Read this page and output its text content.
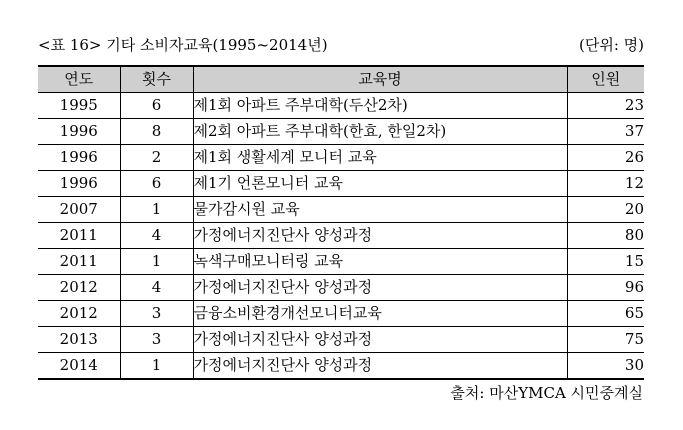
<표 16> 기타 소비자교육(1995~2014년)	(단위: 명)
연도	횟수	교육명	인원
1995	6	제1회 아파트 주부대학(두산2차)	23
1996	8	제2회 아파트 주부대학(한효, 한일2차)	37
1996	2	제1회 생활세계 모니터 교육	26
1996	6	제1기 언론모니터 교육	12
2007	1	물가감시원 교육	20
2011	4	가정에너지진단사 양성과정	80
2011	1	녹색구매모니터링 교육	15
2012	4	가정에너지진단사 양성과정	96
2012	3	금융소비환경개선모니터교육	65
2013	3	가정에너지진단사 양성과정	75
2014	1	가정에너지진단사 양성과정	30
출처: 마산YMCA 시민중계실
